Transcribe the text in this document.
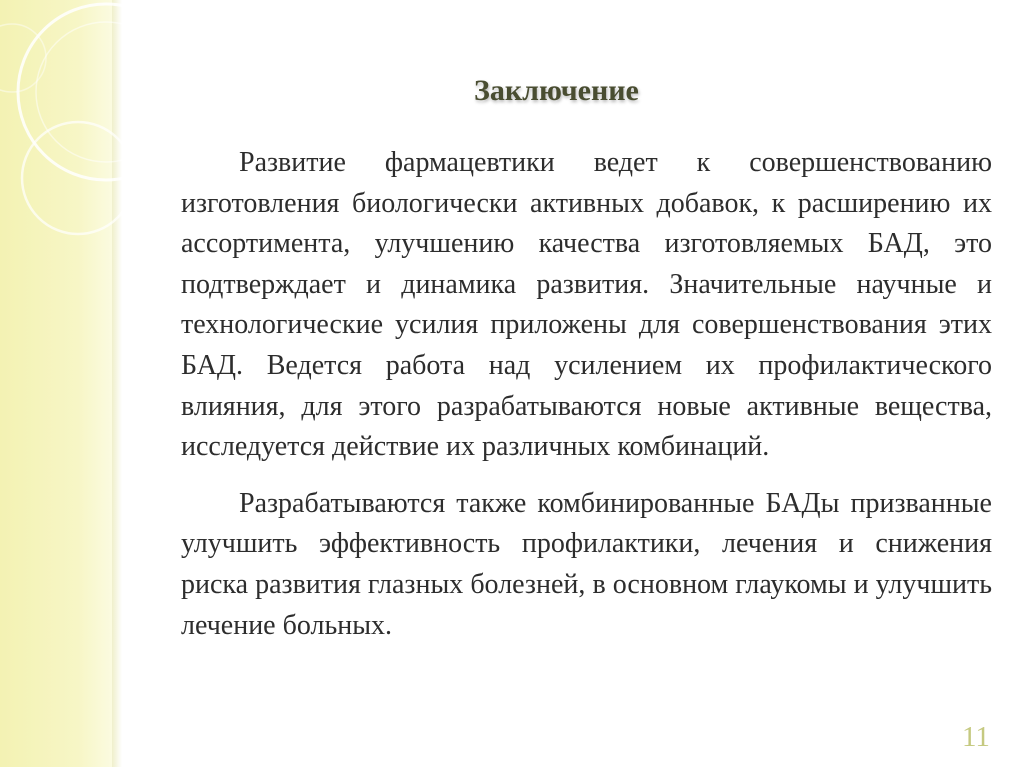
Заключение

Развитие фармацевтики ведет к совершенствованию изготовления биологически активных добавок, к расширению их ассортимента, улучшению качества изготовляемых БАД, это подтверждает и динамика развития. Значительные научные и технологические усилия приложены для совершенствования этих БАД. Ведется работа над усилением их профилактического влияния, для этого разрабатываются новые активные вещества, исследуется действие их различных комбинаций.

Разрабатываются также комбинированные БАДы призванные улучшить эффективность профилактики, лечения и снижения риска развития глазных болезней, в основном глаукомы и улучшить лечение больных.

11
